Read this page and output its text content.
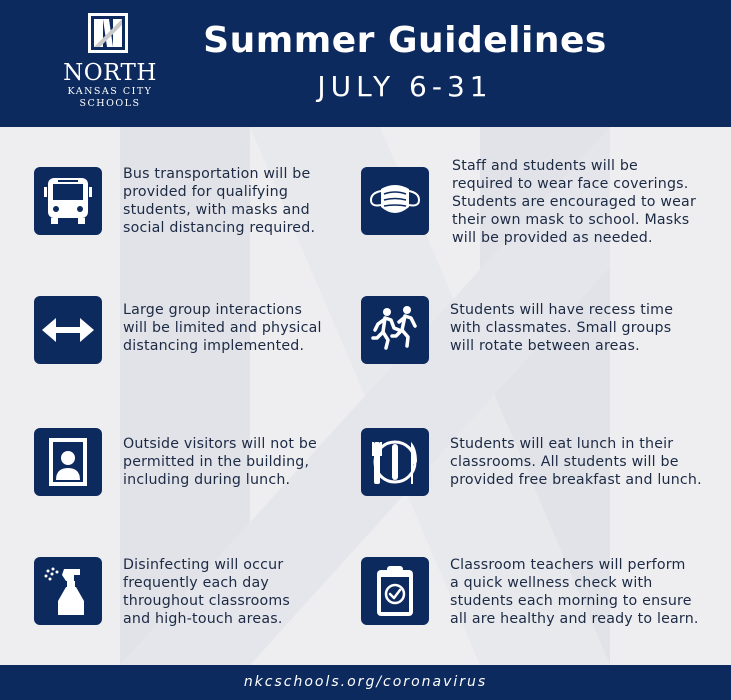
NORTH
KANSAS CITY
SCHOOLS
Summer Guidelines
JULY 6-31
Bus transportation will be
provided for qualifying
students, with masks and
social distancing required.
Staff and students will be
required to wear face coverings.
Students are encouraged to wear
their own mask to school. Masks
will be provided as needed.
Large group interactions
will be limited and physical
distancing implemented.
Students will have recess time
with classmates. Small groups
will rotate between areas.
Outside visitors will not be
permitted in the building,
including during lunch.
Students will eat lunch in their
classrooms. All students will be
provided free breakfast and lunch.
Disinfecting will occur
frequently each day
throughout classrooms
and high-touch areas.
Classroom teachers will perform
a quick wellness check with
students each morning to ensure
all are healthy and ready to learn.
nkcschools.org/coronavirus
